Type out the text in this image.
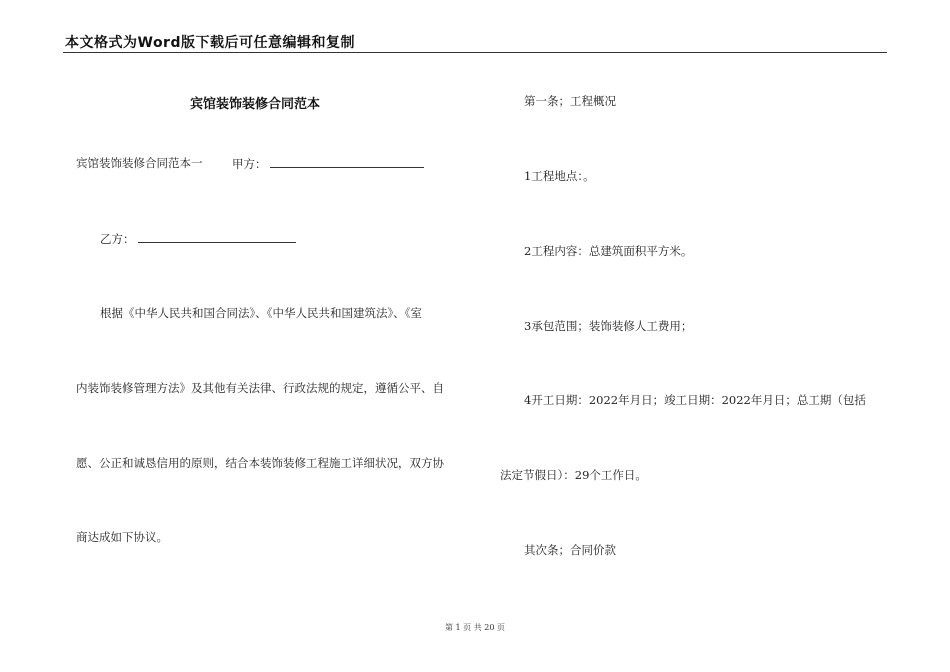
本文格式为Word版下载后可任意编辑和复制
宾馆装饰装修合同范本
宾馆装饰装修合同范本一	甲方：
乙方：
根据《中华人民共和国合同法》、《中华人民共和国建筑法》、《室
内装饰装修管理方法》及其他有关法律、行政法规的规定，遵循公平、自
愿、公正和诚恳信用的原则，结合本装饰装修工程施工详细状况，双方协
商达成如下协议。
第一条；工程概况
1工程地点：。
2工程内容：总建筑面积平方米。
3承包范围；装饰装修人工费用；
4开工日期：2022年月日；竣工日期：2022年月日；总工期（包括
法定节假日）：29个工作日。
其次条；合同价款
第 1 页 共 20 页
